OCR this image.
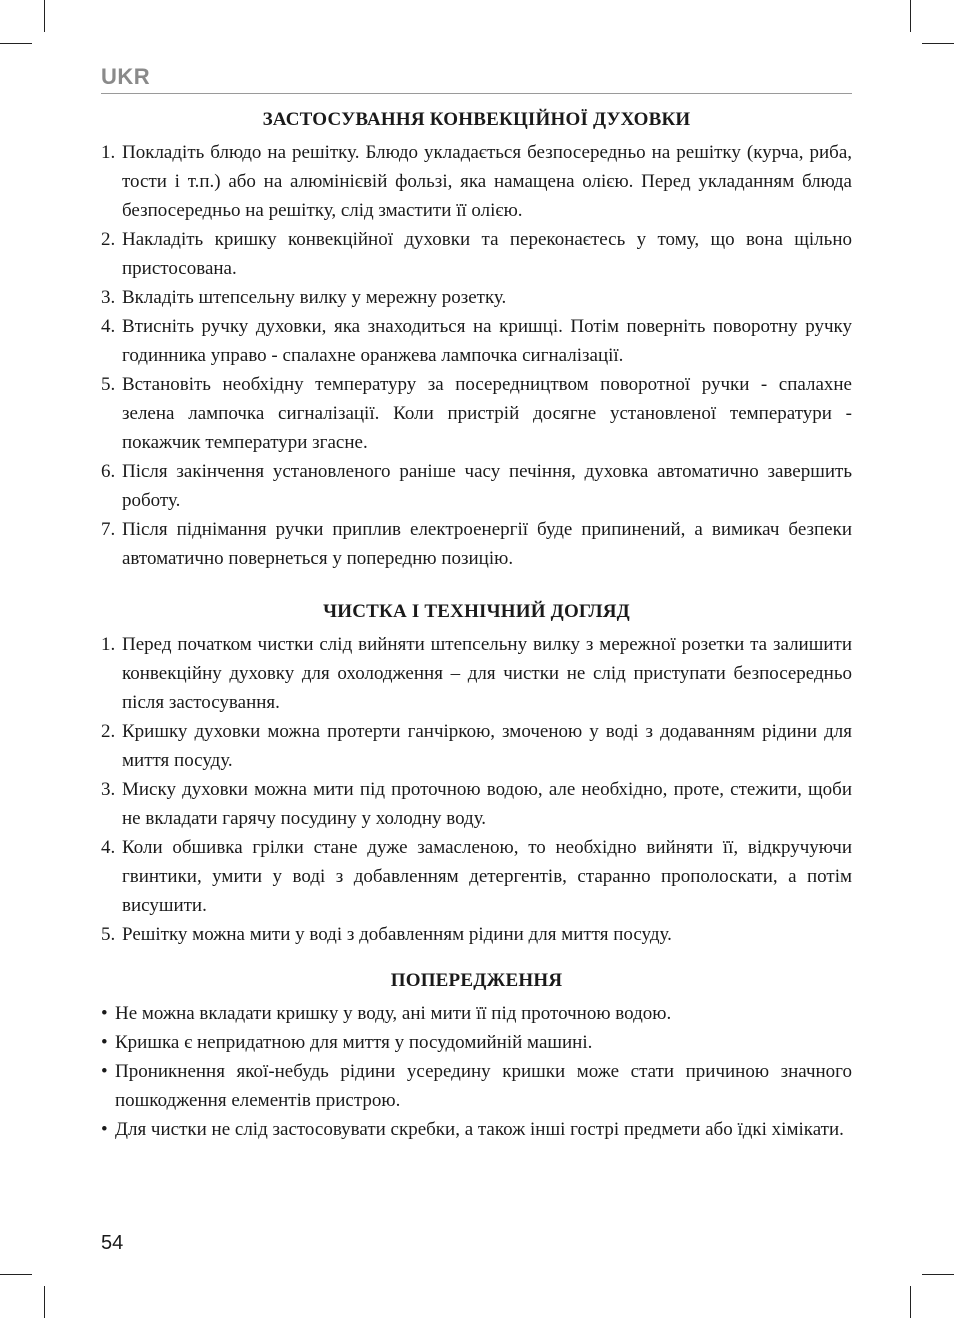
UKR
ЗАСТОСУВАННЯ КОНВЕКЦІЙНОЇ ДУХОВКИ
1. Покладіть блюдо на решітку. Блюдо укладається безпосередньо на решітку (курча, риба, тости і т.п.) або на алюмінієвій фользі, яка намащена олією. Перед укладанням блюда безпосередньо на решітку, слід змастити її олією.
2. Накладіть кришку конвекційної духовки та переконаєтесь у тому, що вона щільно пристосована.
3. Вкладіть штепсельну вилку у мережну розетку.
4. Втисніть ручку духовки, яка знаходиться на кришці. Потім поверніть поворотну ручку годинника управо - спалахне оранжева лампочка сигналізації.
5. Встановіть необхідну температуру за посередництвом поворотної ручки - спалахне зелена лампочка сигналізації. Коли пристрій досягне установленої температури - покажчик температури згасне.
6. Після закінчення установленого раніше часу печіння, духовка автоматично завершить роботу.
7. Після піднімання ручки приплив електроенергії буде припинений, а вимикач безпеки автоматично повернеться у попередню позицію.
ЧИСТКА І ТЕХНІЧНИЙ ДОГЛЯД
1. Перед початком чистки слід вийняти штепсельну вилку з мережної розетки та залишити конвекційну духовку для охолодження – для чистки не слід приступати безпосередньо після застосування.
2. Кришку духовки можна протерти ганчіркою, змоченою у воді з додаванням рідини для миття посуду.
3. Миску духовки можна мити під проточною водою, але необхідно, проте, стежити, щоби не вкладати гарячу посудину у холодну воду.
4. Коли обшивка грілки стане дуже замасленою, то необхідно вийняти її, відкручуючи гвинтики, умити у воді з добавленням детергентів, старанно прополоскати, а потім висушити.
5. Решітку можна мити у воді з добавленням рідини для миття посуду.
ПОПЕРЕДЖЕННЯ
• Не можна вкладати кришку у воду, ані мити її під проточною водою.
• Кришка є непридатною для миття у посудомийній машині.
• Проникнення якої-небудь рідини усередину кришки може стати причиною значного пошкодження елементів пристрою.
• Для чистки не слід застосовувати скребки, а також інші гострі предмети або їдкі хімікати.
54
